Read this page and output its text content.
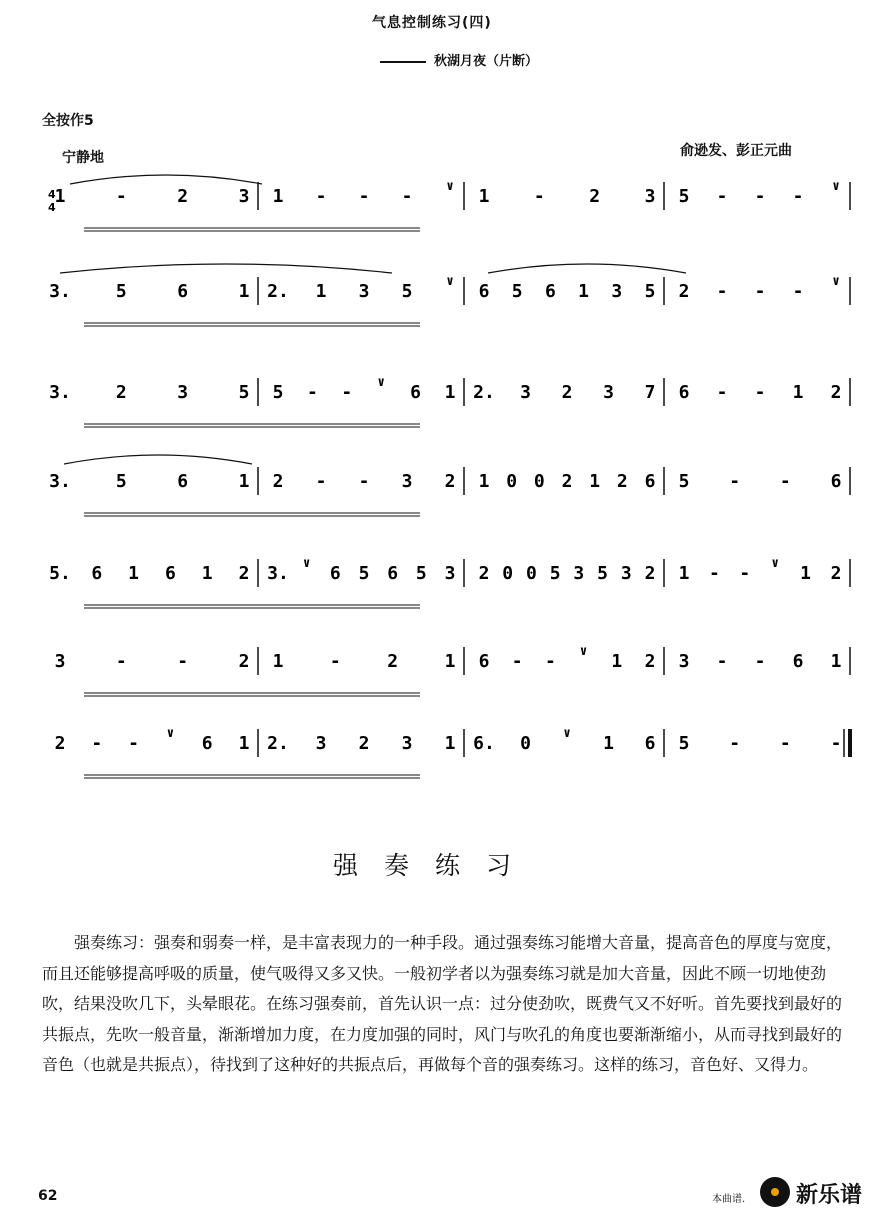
气息控制练习(四)
秋湖月夜（片断）
全按作5
宁静地	俞逊发、彭正元曲
4
4
1	-	2	3 1 - - -	∨ 1 - 2 3 5 - - - ∨
3.	5	6	1 2. 1 3 5	∨ 6 5 6 1 3 5 2 - - - ∨
3.	2	3	5 5 - - ∨ 6 1 2. 3 2 3 7 6 - - 1 2
3.	5	6	1 2 - - 3 2 1 0 0 2 1 2 6 5 - - 6
5. 6 1 6 1 2 3. ∨ 6 5 6 5 3 2 0 0 5 3 5 3 2 1 - - ∨ 1 2
3	-	-	2 1	-	2	1 6 - - ∨ 1 2 3 - - 6 1
2 - - ∨ 6 1 2. 3 2 3 1 6. 0 ∨ 1 6 5 - - -
强奏练习
强奏练习：强奏和弱奏一样，是丰富表现力的一种手段。通过强奏练习能增大音量，提高音色的厚度与宽度，而且还能够提高呼吸的质量，使气吸得又多又快。一般初学者以为强奏练习就是加大音量，因此不顾一切地使劲吹，结果没吹几下，头晕眼花。在练习强奏前，首先认识一点：过分使劲吹，既费气又不好听。首先要找到最好的共振点，先吹一般音量，渐渐增加力度，在力度加强的同时，风门与吹孔的角度也要渐渐缩小，从而寻找到最好的音色（也就是共振点），待找到了这种好的共振点后，再做每个音的强奏练习。这样的练习，音色好、又得力。
62	本曲谱. 新乐谱
